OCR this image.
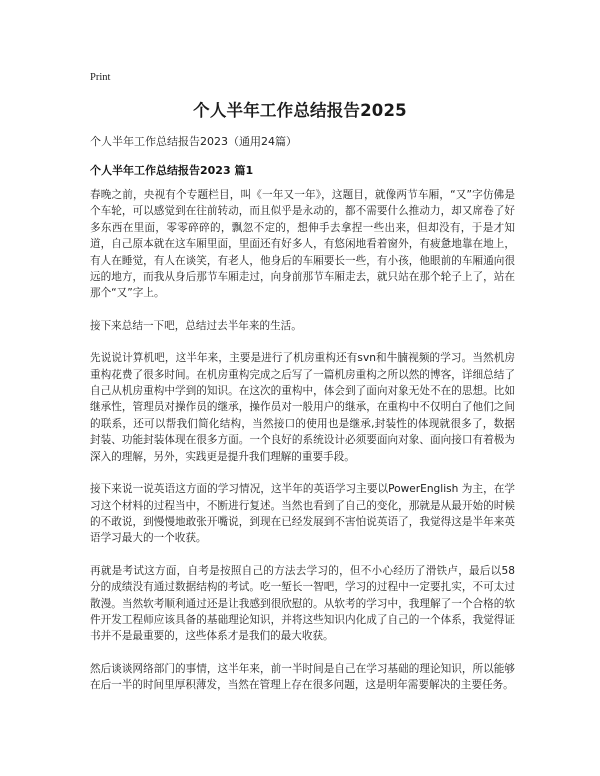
Print
个人半年工作总结报告2025
个人半年工作总结报告2023（通用24篇）
个人半年工作总结报告2023 篇1

春晚之前，央视有个专题栏目，叫《一年又一年》，这题目，就像两节车厢，“又”字仿佛是个车轮，可以感觉到在往前转动，而且似乎是永动的，都不需要什么推动力，却又席卷了好多东西在里面，零零碎碎的，飘忽不定的，想伸手去拿捏一些出来，但却没有，于是才知道，自己原本就在这车厢里面，里面还有好多人，有悠闲地看着窗外，有疲惫地靠在地上，有人在睡觉，有人在谈笑，有老人，他身后的车厢要长一些，有小孩，他眼前的车厢通向很远的地方，而我从身后那节车厢走过，向身前那节车厢走去，就只站在那个轮子上了，站在那个“又”字上。

接下来总结一下吧，总结过去半年来的生活。

先说说计算机吧，这半年来，主要是进行了机房重构还有svn和牛腩视频的学习。当然机房重构花费了很多时间。在机房重构完成之后写了一篇机房重构之所以然的博客，详细总结了自己从机房重构中学到的知识。在这次的重构中，体会到了面向对象无处不在的思想。比如继承性，管理员对操作员的继承，操作员对一般用户的继承，在重构中不仅明白了他们之间的联系，还可以帮我们简化结构，当然接口的使用也是继承,封装性的体现就很多了，数据封装、功能封装体现在很多方面。一个良好的系统设计必须要面向对象、面向接口有着极为深入的理解，另外，实践更是提升我们理解的重要手段。

接下来说一说英语这方面的学习情况，这半年的英语学习主要以PowerEnglish 为主，在学习这个材料的过程当中，不断进行复述。当然也看到了自己的变化，那就是从最开始的时候的不敢说，到慢慢地敢张开嘴说，到现在已经发展到不害怕说英语了，我觉得这是半年来英语学习最大的一个收获。

再就是考试这方面，自考是按照自己的方法去学习的，但不小心经历了滑铁卢，最后以58分的成绩没有通过数据结构的考试。吃一堑长一智吧，学习的过程中一定要扎实，不可太过散漫。当然软考顺利通过还是让我感到很欣慰的。从软考的学习中，我理解了一个合格的软件开发工程师应该具备的基础理论知识，并将这些知识内化成了自己的一个体系，我觉得证书并不是最重要的，这些体系才是我们的最大收获。

然后谈谈网络部门的事情，这半年来，前一半时间是自己在学习基础的理论知识，所以能够在后一半的时间里厚积薄发，当然在管理上存在很多问题，这是明年需要解决的主要任务。
